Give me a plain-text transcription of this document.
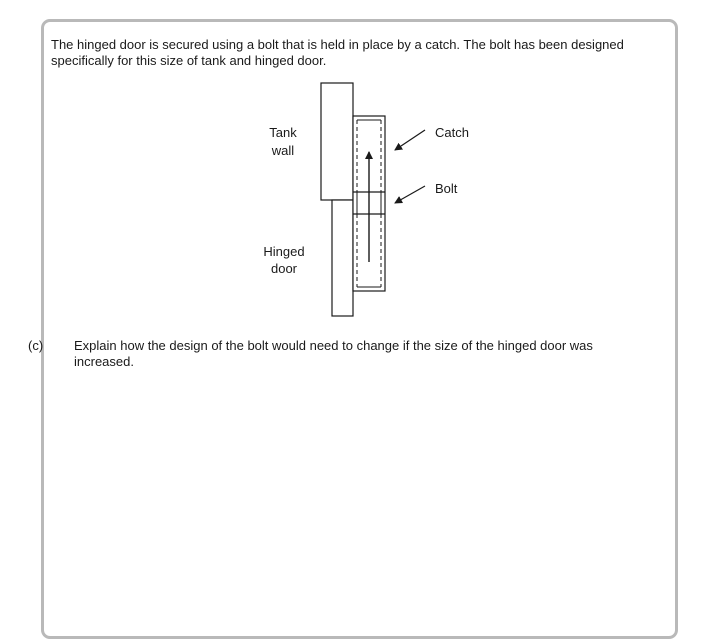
The hinged door is secured using a bolt that is held in place by a catch. The bolt has been designed specifically for this size of tank and hinged door.

Tank
wall
Catch
Bolt
Hinged
door
(c) Explain how the design of the bolt would need to change if the size of the hinged door was increased.
